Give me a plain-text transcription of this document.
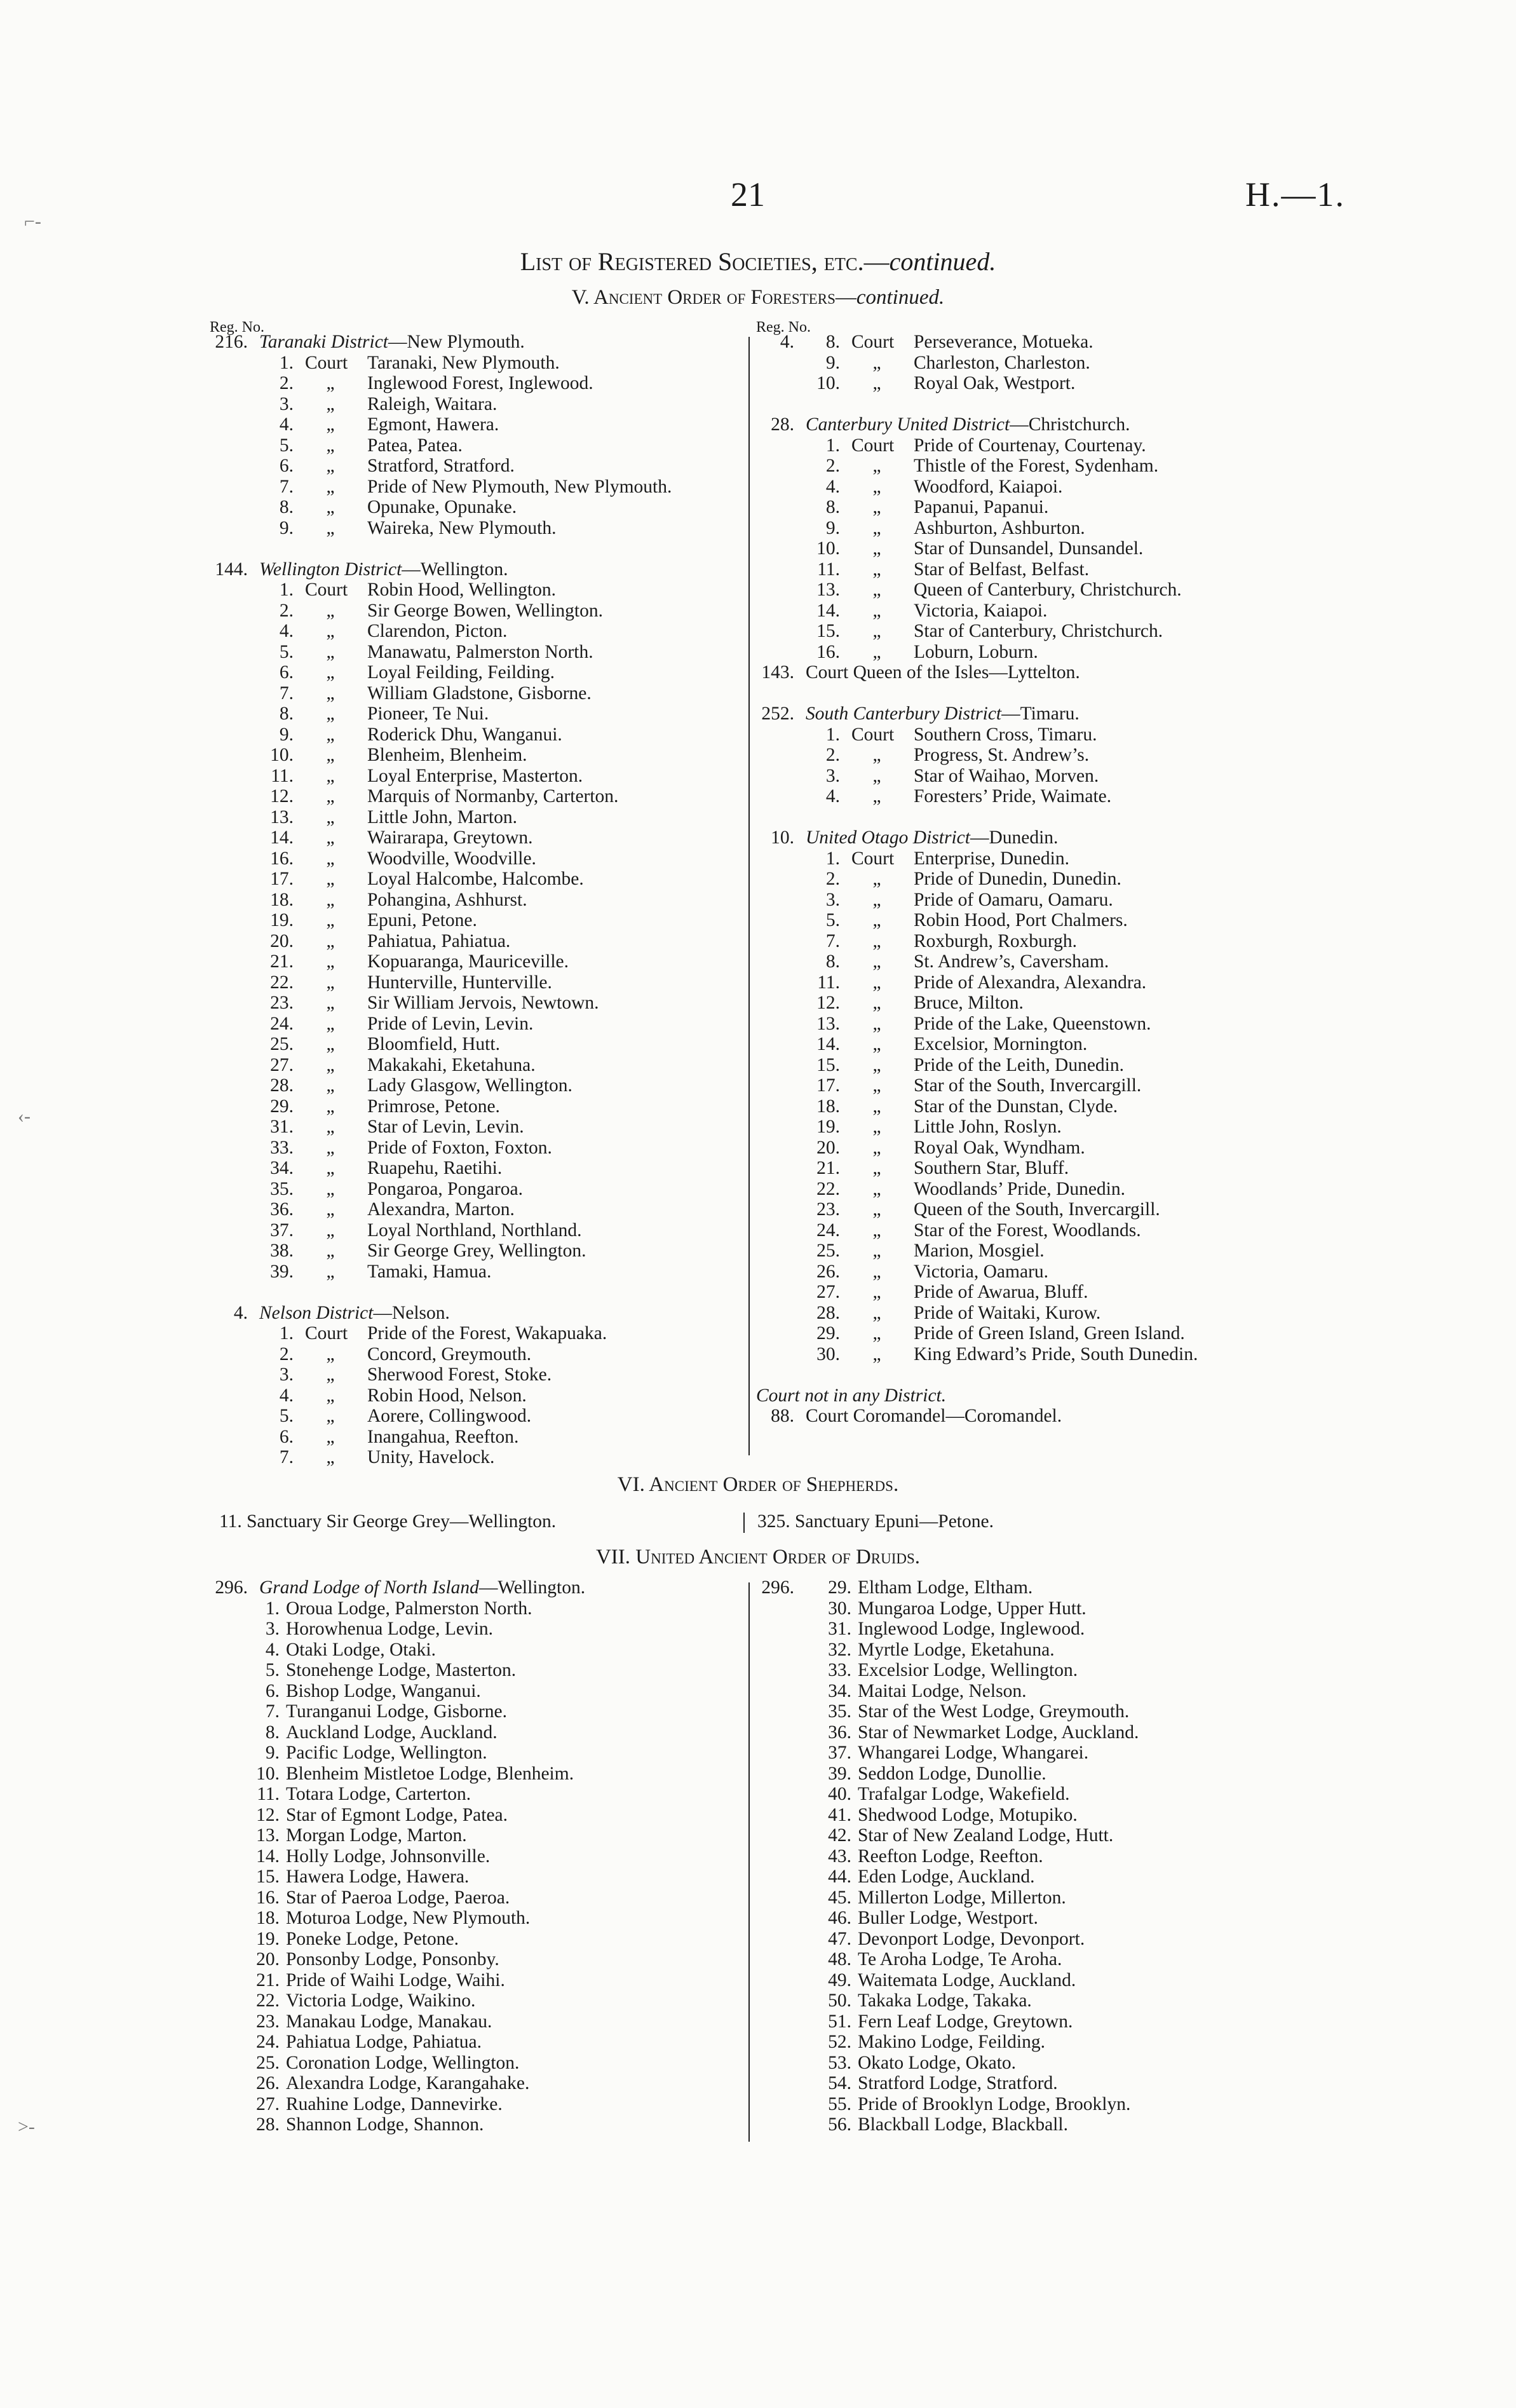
21	H.—1.
List of Registered Societies, etc.—continued.
V. Ancient Order of Foresters—continued.
Reg. No.	Reg. No.
216. Taranaki District—New Plymouth.
1. Court Taranaki, New Plymouth.
2.	„	Inglewood Forest, Inglewood.
3.	„	Raleigh, Waitara.
4.	„	Egmont, Hawera.
5.	„	Patea, Patea.
6.	„	Stratford, Stratford.
7.	„	Pride of New Plymouth, New Plymouth.
8.	„	Opunake, Opunake.
9.	„	Waireka, New Plymouth.
144. Wellington District—Wellington.
1. Court Robin Hood, Wellington.
2.	„	Sir George Bowen, Wellington.
4.	„	Clarendon, Picton.
5.	„	Manawatu, Palmerston North.
6.	„	Loyal Feilding, Feilding.
7.	„	William Gladstone, Gisborne.
8.	„	Pioneer, Te Nui.
9.	„	Roderick Dhu, Wanganui.
10.	„	Blenheim, Blenheim.
11.	„	Loyal Enterprise, Masterton.
12.	„	Marquis of Normanby, Carterton.
13.	„	Little John, Marton.
14.	„	Wairarapa, Greytown.
16.	„	Woodville, Woodville.
17.	„	Loyal Halcombe, Halcombe.
18.	„	Pohangina, Ashhurst.
19.	„	Epuni, Petone.
20.	„	Pahiatua, Pahiatua.
21.	„	Kopuaranga, Mauriceville.
22.	„	Hunterville, Hunterville.
23.	„	Sir William Jervois, Newtown.
24.	„	Pride of Levin, Levin.
25.	„	Bloomfield, Hutt.
27.	„	Makakahi, Eketahuna.
28.	„	Lady Glasgow, Wellington.
29.	„	Primrose, Petone.
31.	„	Star of Levin, Levin.
33.	„	Pride of Foxton, Foxton.
34.	„	Ruapehu, Raetihi.
35.	„	Pongaroa, Pongaroa.
36.	„	Alexandra, Marton.
37.	„	Loyal Northland, Northland.
38.	„	Sir George Grey, Wellington.
39.	„	Tamaki, Hamua.
4. Nelson District—Nelson.
1. Court Pride of the Forest, Wakapuaka.
2.	„	Concord, Greymouth.
3.	„	Sherwood Forest, Stoke.
4.	„	Robin Hood, Nelson.
5.	„	Aorere, Collingwood.
6.	„	Inangahua, Reefton.
7.	„	Unity, Havelock.
4.	8. Court Perseverance, Motueka.
9.	„	Charleston, Charleston.
10.	„	Royal Oak, Westport.
28. Canterbury United District—Christchurch.
1. Court Pride of Courtenay, Courtenay.
2.	„	Thistle of the Forest, Sydenham.
4.	„	Woodford, Kaiapoi.
8.	„	Papanui, Papanui.
9.	„	Ashburton, Ashburton.
10.	„	Star of Dunsandel, Dunsandel.
11.	„	Star of Belfast, Belfast.
13.	„	Queen of Canterbury, Christchurch.
14.	„	Victoria, Kaiapoi.
15.	„	Star of Canterbury, Christchurch.
16.	„	Loburn, Loburn.
143. Court Queen of the Isles—Lyttelton.
252. South Canterbury District—Timaru.
1. Court Southern Cross, Timaru.
2.	„	Progress, St. Andrew’s.
3.	„	Star of Waihao, Morven.
4.	„	Foresters’ Pride, Waimate.
10. United Otago District—Dunedin.
1. Court Enterprise, Dunedin.
2.	„	Pride of Dunedin, Dunedin.
3.	„	Pride of Oamaru, Oamaru.
5.	„	Robin Hood, Port Chalmers.
7.	„	Roxburgh, Roxburgh.
8.	„	St. Andrew’s, Caversham.
11.	„	Pride of Alexandra, Alexandra.
12.	„	Bruce, Milton.
13.	„	Pride of the Lake, Queenstown.
14.	„	Excelsior, Mornington.
15.	„	Pride of the Leith, Dunedin.
17.	„	Star of the South, Invercargill.
18.	„	Star of the Dunstan, Clyde.
19.	„	Little John, Roslyn.
20.	„	Royal Oak, Wyndham.
21.	„	Southern Star, Bluff.
22.	„	Woodlands’ Pride, Dunedin.
23.	„	Queen of the South, Invercargill.
24.	„	Star of the Forest, Woodlands.
25.	„	Marion, Mosgiel.
26.	„	Victoria, Oamaru.
27.	„	Pride of Awarua, Bluff.
28.	„	Pride of Waitaki, Kurow.
29.	„	Pride of Green Island, Green Island.
30.	„	King Edward’s Pride, South Dunedin.
Court not in any District.
88. Court Coromandel—Coromandel.
VI. Ancient Order of Shepherds.
11. Sanctuary Sir George Grey—Wellington.	325. Sanctuary Epuni—Petone.
VII. United Ancient Order of Druids.
296. Grand Lodge of North Island—Wellington.
1. Oroua Lodge, Palmerston North.
3. Horowhenua Lodge, Levin.
4. Otaki Lodge, Otaki.
5. Stonehenge Lodge, Masterton.
6. Bishop Lodge, Wanganui.
7. Turanganui Lodge, Gisborne.
8. Auckland Lodge, Auckland.
9. Pacific Lodge, Wellington.
10. Blenheim Mistletoe Lodge, Blenheim.
11. Totara Lodge, Carterton.
12. Star of Egmont Lodge, Patea.
13. Morgan Lodge, Marton.
14. Holly Lodge, Johnsonville.
15. Hawera Lodge, Hawera.
16. Star of Paeroa Lodge, Paeroa.
18. Moturoa Lodge, New Plymouth.
19. Poneke Lodge, Petone.
20. Ponsonby Lodge, Ponsonby.
21. Pride of Waihi Lodge, Waihi.
22. Victoria Lodge, Waikino.
23. Manakau Lodge, Manakau.
24. Pahiatua Lodge, Pahiatua.
25. Coronation Lodge, Wellington.
26. Alexandra Lodge, Karangahake.
27. Ruahine Lodge, Dannevirke.
28. Shannon Lodge, Shannon.
296.	29. Eltham Lodge, Eltham.
30. Mungaroa Lodge, Upper Hutt.
31. Inglewood Lodge, Inglewood.
32. Myrtle Lodge, Eketahuna.
33. Excelsior Lodge, Wellington.
34. Maitai Lodge, Nelson.
35. Star of the West Lodge, Greymouth.
36. Star of Newmarket Lodge, Auckland.
37. Whangarei Lodge, Whangarei.
39. Seddon Lodge, Dunollie.
40. Trafalgar Lodge, Wakefield.
41. Shedwood Lodge, Motupiko.
42. Star of New Zealand Lodge, Hutt.
43. Reefton Lodge, Reefton.
44. Eden Lodge, Auckland.
45. Millerton Lodge, Millerton.
46. Buller Lodge, Westport.
47. Devonport Lodge, Devonport.
48. Te Aroha Lodge, Te Aroha.
49. Waitemata Lodge, Auckland.
50. Takaka Lodge, Takaka.
51. Fern Leaf Lodge, Greytown.
52. Makino Lodge, Feilding.
53. Okato Lodge, Okato.
54. Stratford Lodge, Stratford.
55. Pride of Brooklyn Lodge, Brooklyn.
56. Blackball Lodge, Blackball.
⌐-
‹-
>-
